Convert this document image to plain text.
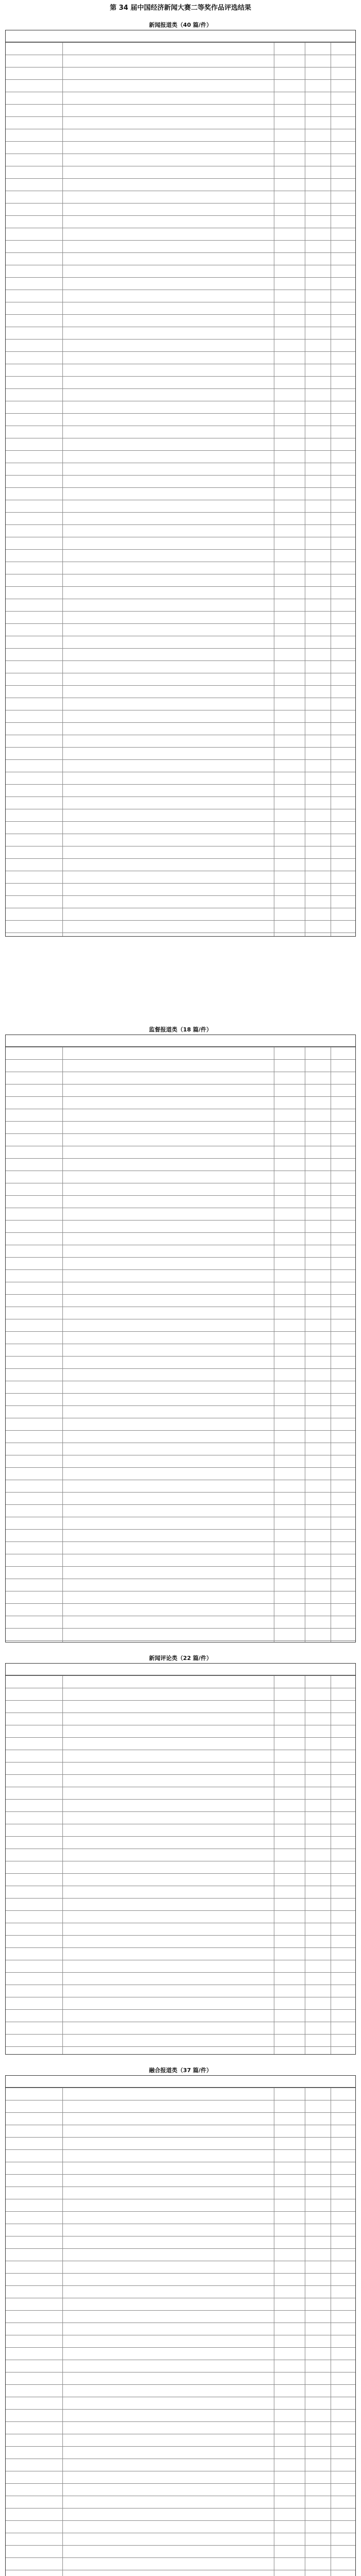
第 34 届中国经济新闻大赛二等奖作品评选结果
新闻报道类（40 篇/件）
监督报道类（18 篇/件）
新闻评论类（22 篇/件）
融合报道类（37 篇/件）
